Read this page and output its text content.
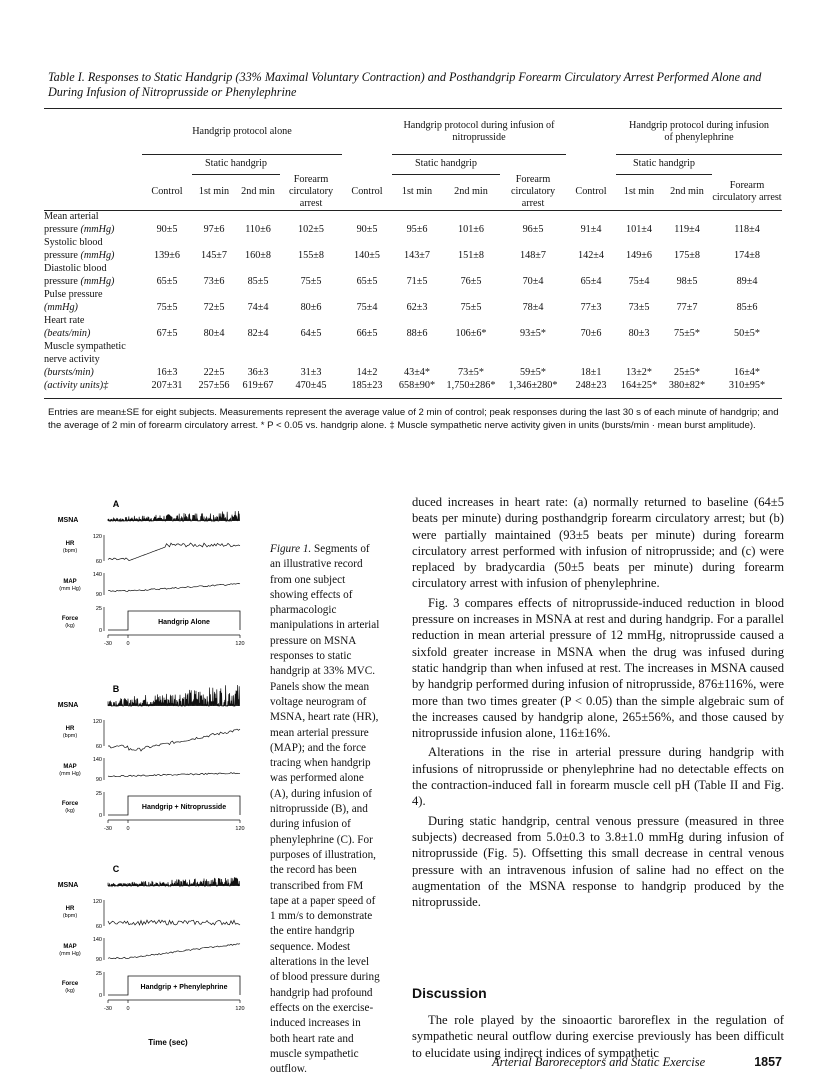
Table I. Responses to Static Handgrip (33% Maximal Voluntary Contraction) and Posthandgrip Forearm Circulatory Arrest Performed Alone and During Infusion of Nitroprusside or Phenylephrine
	Handgrip protocol alone					Handgrip protocol during infusion of nitroprusside				Handgrip protocol during infusion of phenylephrine		
		Static handgrip				Static handgrip				Static handgrip		
	Control	1st min	2nd min	Forearm circulatory arrest	Control	1st min	2nd min	Forearm circulatory arrest	Control	1st min	2nd min	Forearm circulatory arrest
Mean arterial												
pressure (mmHg)	90±5	97±6	110±6	102±5	90±5	95±6	101±6	96±5	91±4	101±4	119±4	118±4
Systolic blood												
pressure (mmHg)	139±6	145±7	160±8	155±8	140±5	143±7	151±8	148±7	142±4	149±6	175±8	174±8
Diastolic blood												
pressure (mmHg)	65±5	73±6	85±5	75±5	65±5	71±5	76±5	70±4	65±4	75±4	98±5	89±4
Pulse pressure												
(mmHg)	75±5	72±5	74±4	80±6	75±4	62±3	75±5	78±4	77±3	73±5	77±7	85±6
Heart rate												
(beats/min)	67±5	80±4	82±4	64±5	66±5	88±6	106±6*	93±5*	70±6	80±3	75±5*	50±5*
Muscle sympathetic												
nerve activity												
(bursts/min)	16±3	22±5	36±3	31±3	14±2	43±4*	73±5*	59±5*	18±1	13±2*	25±5*	16±4*
(activity units)‡	207±31	257±56	619±67	470±45	185±23	658±90*	1,750±286*	1,346±280*	248±23	164±25*	380±82*	310±95*

Entries are mean±SE for eight subjects. Measurements represent the average value of 2 min of control; peak responses during the last 30 s of each minute of handgrip; and the average of 2 min of forearm circulatory arrest. * P < 0.05 vs. handgrip alone. ‡ Muscle sympathetic nerve activity given in units (bursts/min · mean burst amplitude).
A
MSNA
120
60
HR
(bpm)
140
90
MAP
(mm Hg)
25
0
Force
(kg)	Handgrip Alone
-30	0	120
B
MSNA
120
60
HR
(bpm)
140
90
MAP
(mm Hg)
25
0
Force
(kg)	Handgrip + Nitroprusside
-30	0	120
C
MSNA
120
60
HR
(bpm)
140
90
MAP
(mm Hg)
25
0
Force
(kg)	Handgrip + Phenylephrine
-30	0	120
Time (sec)
Figure 1. Segments of an illustrative record from one subject showing effects of pharmacologic manipulations in arterial pressure on MSNA responses to static handgrip at 33% MVC. Panels show the mean voltage neurogram of MSNA, heart rate (HR), mean arterial pressure (MAP); and the force tracing when handgrip was performed alone (A), during infusion of nitroprusside (B), and during infusion of phenylephrine (C). For purposes of illustration, the record has been transcribed from FM tape at a paper speed of 1 mm/s to demonstrate the entire handgrip sequence. Modest alterations in the level of blood pressure during handgrip had profound effects on the exercise-induced increases in both heart rate and muscle sympathetic outflow.

duced increases in heart rate: (a) normally returned to baseline (64±5 beats per minute) during posthandgrip forearm circulatory arrest; but (b) were partially maintained (93±5 beats per minute) during forearm circulatory arrest performed with infusion of nitroprusside; and (c) were replaced by bradycardia (50±5 beats per minute) during forearm circulatory arrest with infusion of phenylephrine.

Fig. 3 compares effects of nitroprusside-induced reduction in blood pressure on increases in MSNA at rest and during handgrip. For a parallel reduction in mean arterial pressure of 12 mmHg, nitroprusside caused a sixfold greater increase in MSNA when the drug was infused during static handgrip than when infused at rest. The increases in MSNA caused by handgrip performed during infusion of nitroprusside, 876±116%, were more than two times greater (P < 0.05) than the simple algebraic sum of the increases caused by handgrip alone, 265±56%, and those caused by nitroprusside infusion alone, 116±16%.

Alterations in the rise in arterial pressure during handgrip with infusions of nitroprusside or phenylephrine had no detectable effects on the contraction-induced fall in forearm muscle cell pH (Table II and Fig. 4).

During static handgrip, central venous pressure (measured in three subjects) decreased from 5.0±0.3 to 3.8±1.0 mmHg during infusion of nitroprusside (Fig. 5). Offsetting this small decrease in central venous pressure with an intravenous infusion of saline had no effect on the augmentation of the MSNA response to handgrip produced by the nitroprusside.

Discussion
The role played by the sinoaortic baroreflex in the regulation of sympathetic neural outflow during exercise previously has been difficult to elucidate using indirect indices of sympathetic
Arterial Baroreceptors and Static Exercise	1857
